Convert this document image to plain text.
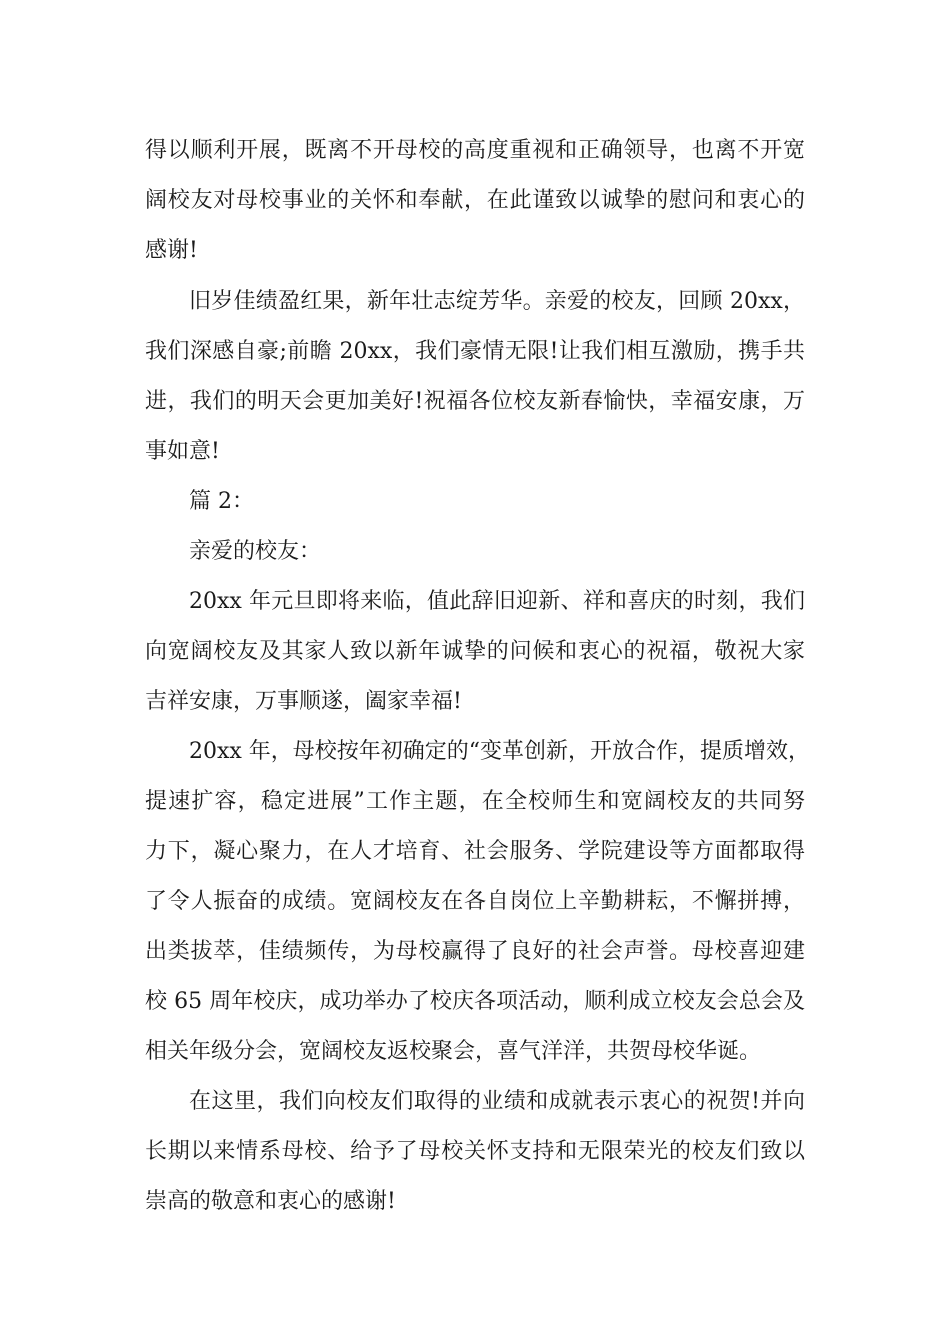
得以顺利开展，既离不开母校的高度重视和正确领导，也离不开宽
阔校友对母校事业的关怀和奉献，在此谨致以诚挚的慰问和衷心的
感谢!
旧岁佳绩盈红果，新年壮志绽芳华。亲爱的校友，回顾 20xx，
我们深感自豪;前瞻 20xx，我们豪情无限!让我们相互激励，携手共
进，我们的明天会更加美好!祝福各位校友新春愉快，幸福安康，万
事如意!
篇 2：
亲爱的校友：
20xx 年元旦即将来临，值此辞旧迎新、祥和喜庆的时刻，我们
向宽阔校友及其家人致以新年诚挚的问候和衷心的祝福，敬祝大家
吉祥安康，万事顺遂，阖家幸福!
20xx 年，母校按年初确定的“变革创新，开放合作，提质增效，
提速扩容，稳定进展”工作主题，在全校师生和宽阔校友的共同努
力下，凝心聚力，在人才培育、社会服务、学院建设等方面都取得
了令人振奋的成绩。宽阔校友在各自岗位上辛勤耕耘，不懈拼搏，
出类拔萃，佳绩频传，为母校赢得了良好的社会声誉。母校喜迎建
校 65 周年校庆，成功举办了校庆各项活动，顺利成立校友会总会及
相关年级分会，宽阔校友返校聚会，喜气洋洋，共贺母校华诞。
在这里，我们向校友们取得的业绩和成就表示衷心的祝贺!并向
长期以来情系母校、给予了母校关怀支持和无限荣光的校友们致以
崇高的敬意和衷心的感谢!
